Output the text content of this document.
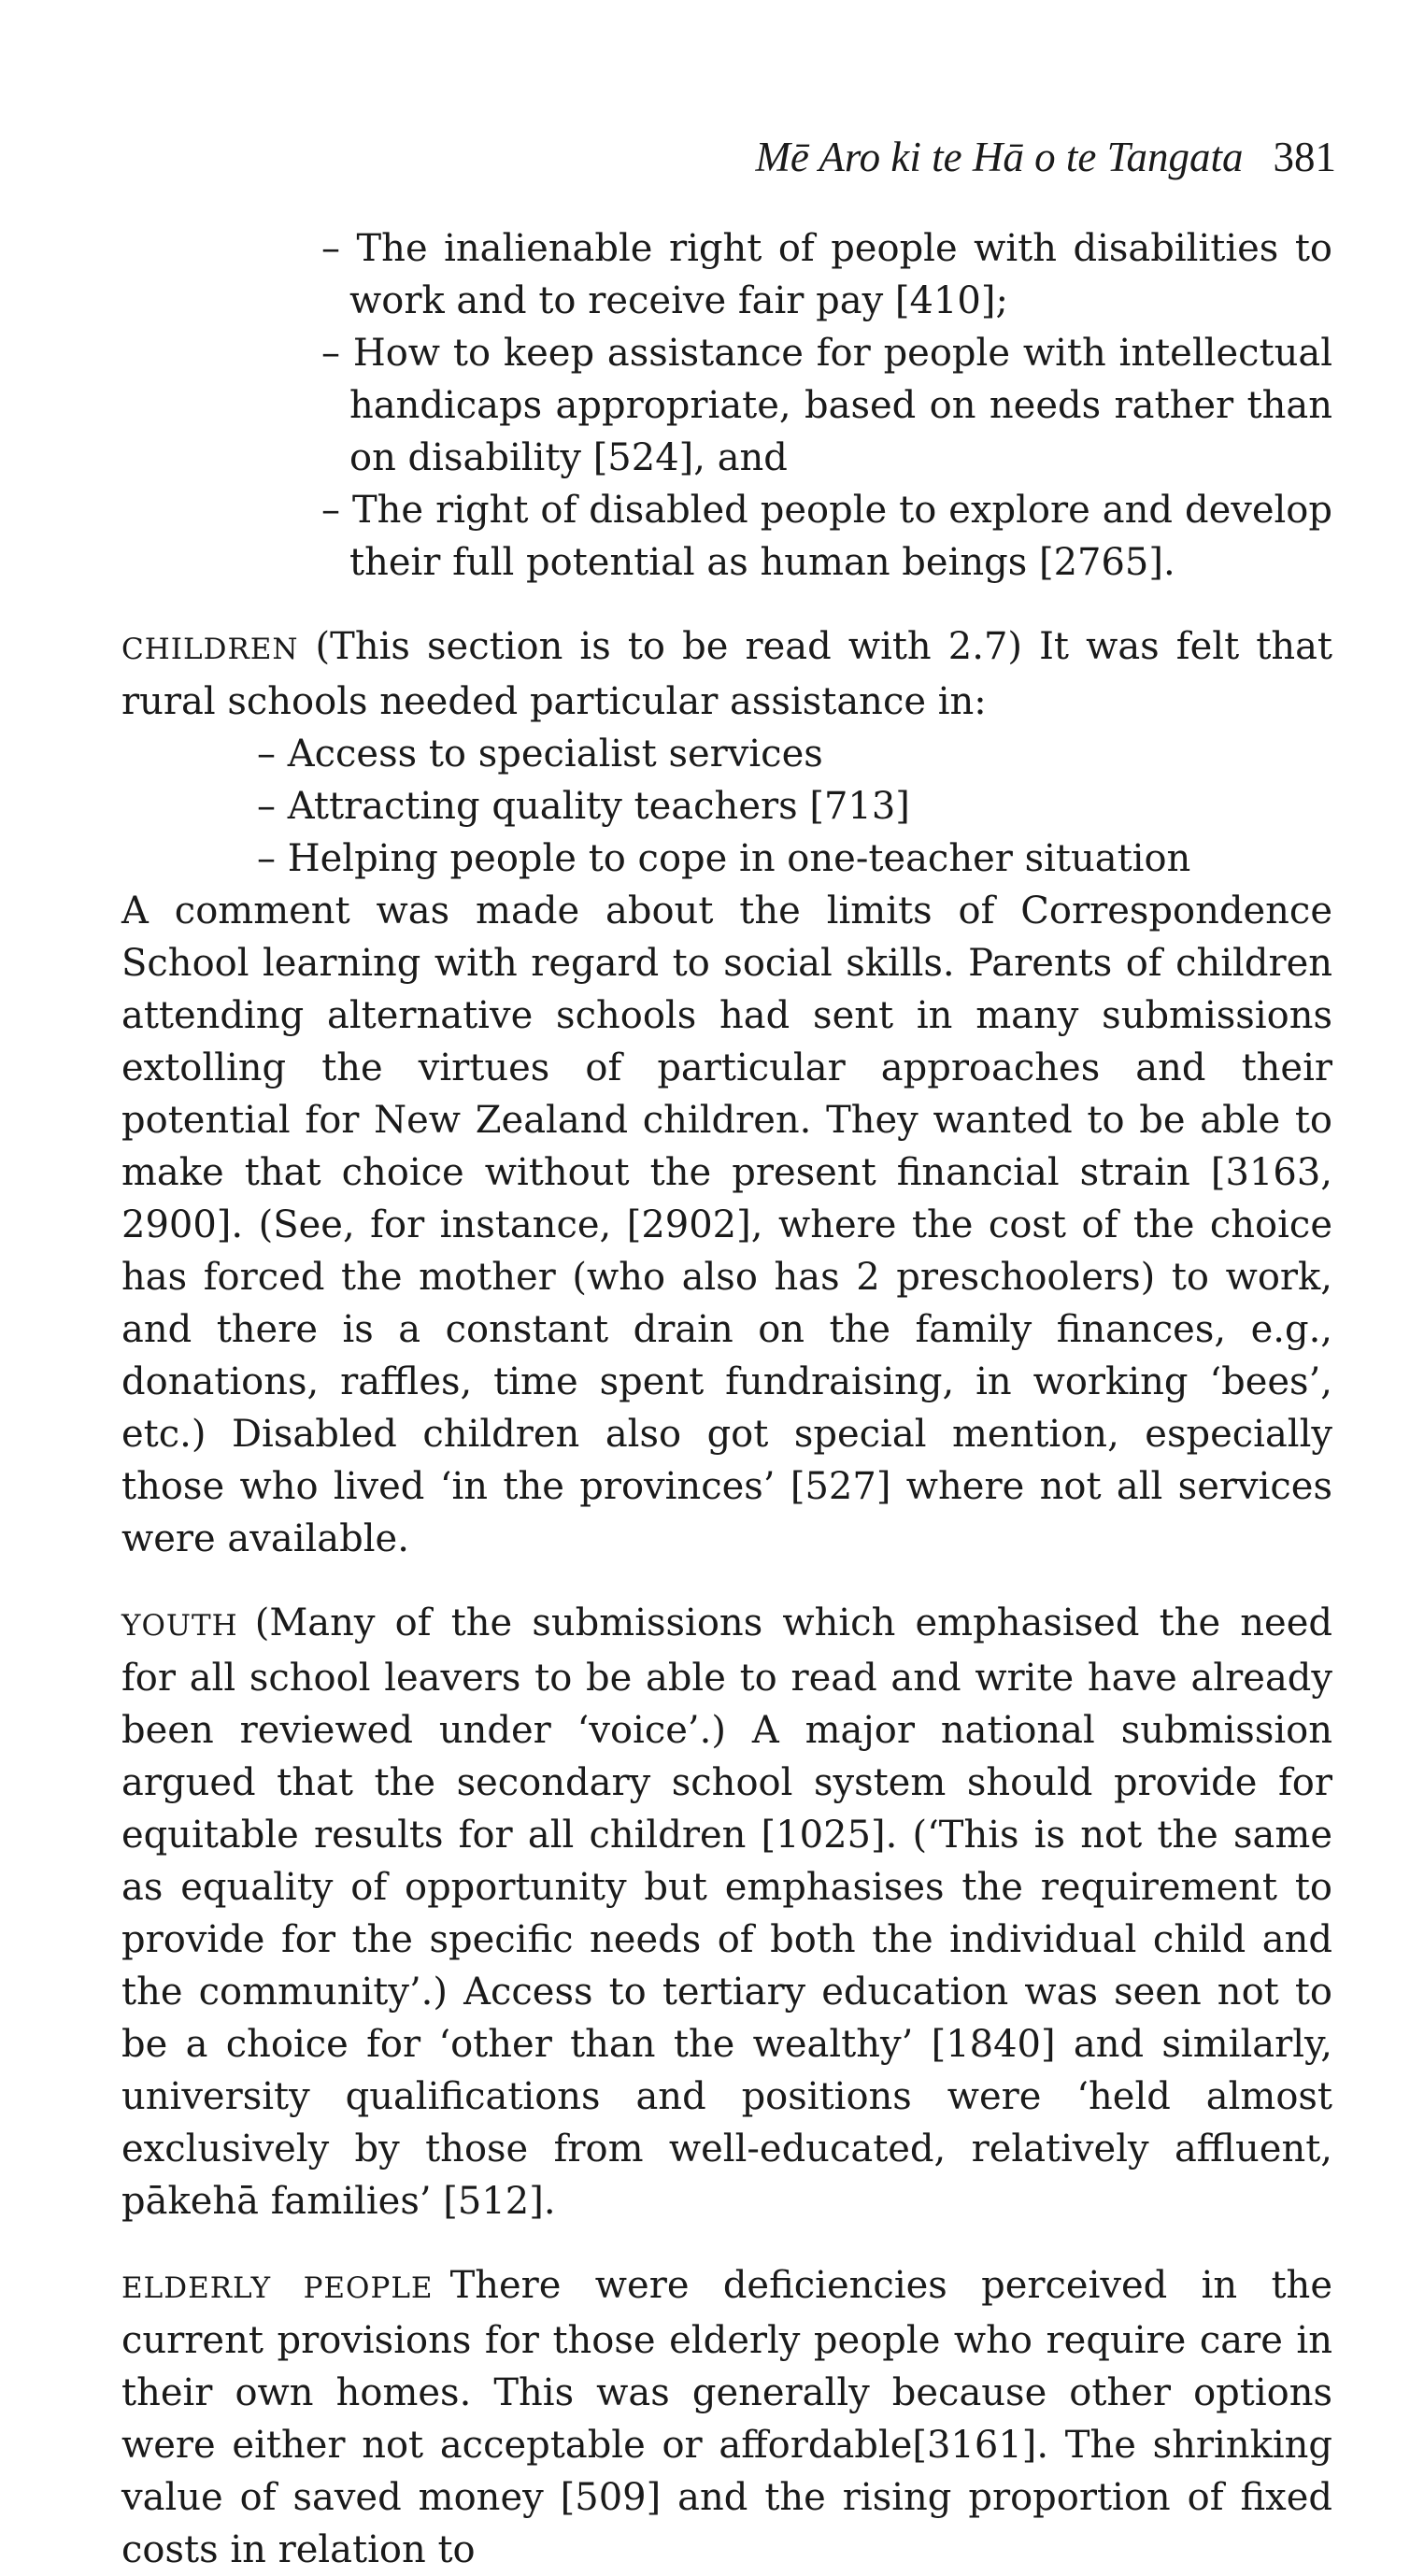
Mē Aro ki te Hā o te Tangata 381

– The inalienable right of people with disabilities to work and to receive fair pay [410];

– How to keep assistance for people with intellectual handicaps appropriate, based on needs rather than on disability [524], and

– The right of disabled people to explore and develop their full potential as human beings [2765].

CHILDREN (This section is to be read with 2.7) It was felt that rural schools needed particular assistance in:

– Access to specialist services

– Attracting quality teachers [713]

– Helping people to cope in one-teacher situation

A comment was made about the limits of Correspondence School learning with regard to social skills. Parents of children attending alternative schools had sent in many submissions extolling the virtues of particular approaches and their potential for New Zealand children. They wanted to be able to make that choice without the present financial strain [3163, 2900]. (See, for instance, [2902], where the cost of the choice has forced the mother (who also has 2 preschoolers) to work, and there is a constant drain on the family finances, e.g., donations, raffles, time spent fundraising, in working ‘bees’, etc.) Disabled children also got special mention, especially those who lived ‘in the provinces’ [527] where not all services were available.

YOUTH (Many of the submissions which emphasised the need for all school leavers to be able to read and write have already been reviewed under ‘voice’.) A major national submission argued that the secondary school system should provide for equitable results for all children [1025]. (‘This is not the same as equality of opportunity but emphasises the requirement to provide for the specific needs of both the individual child and the community’.) Access to tertiary education was seen not to be a choice for ‘other than the wealthy’ [1840] and similarly, university qualifications and positions were ‘held almost exclusively by those from well-educated, relatively affluent, pākehā families’ [512].

ELDERLY PEOPLE There were deficiencies perceived in the current provisions for those elderly people who require care in their own homes. This was generally because other options were either not acceptable or affordable[3161]. The shrinking value of saved money [509] and the rising proportion of fixed costs in relation to
